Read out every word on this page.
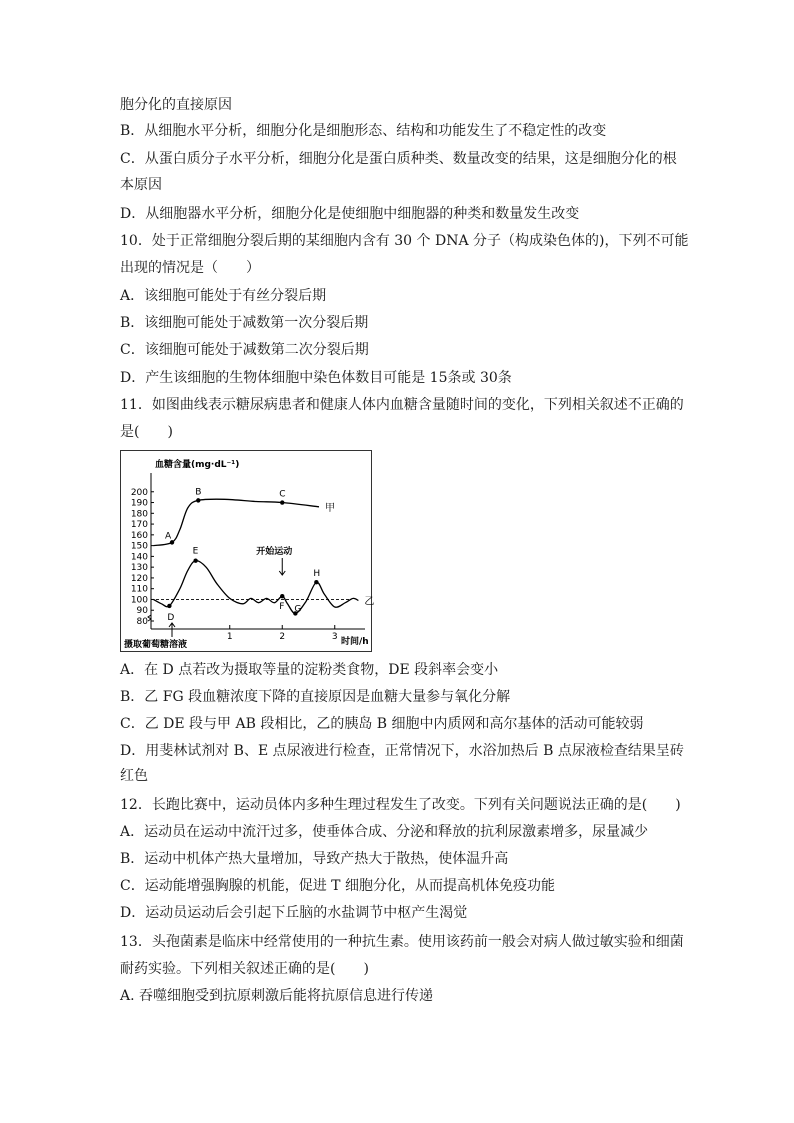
胞分化的直接原因
B．从细胞水平分析，细胞分化是细胞形态、结构和功能发生了不稳定性的改变
C．从蛋白质分子水平分析，细胞分化是蛋白质种类、数量改变的结果，这是细胞分化的根
本原因
D．从细胞器水平分析，细胞分化是使细胞中细胞器的种类和数量发生改变
10．处于正常细胞分裂后期的某细胞内含有 30 个 DNA 分子（构成染色体的)，下列不可能
出现的情况是（　　）
A．该细胞可能处于有丝分裂后期
B．该细胞可能处于减数第一次分裂后期
C．该细胞可能处于减数第二次分裂后期
D．产生该细胞的生物体细胞中染色体数目可能是 15条或 30条
11．如图曲线表示糖尿病患者和健康人体内血糖含量随时间的变化，下列相关叙述不正确的
是(　　)
A．在 D 点若改为摄取等量的淀粉类食物，DE 段斜率会变小
B．乙 FG 段血糖浓度下降的直接原因是血糖大量参与氧化分解
C．乙 DE 段与甲 AB 段相比，乙的胰岛 B 细胞中内质网和高尔基体的活动可能较弱
D．用斐林试剂对 B、E 点尿液进行检查，正常情况下，水浴加热后 B 点尿液检查结果呈砖
红色
12．长跑比赛中，运动员体内多种生理过程发生了改变。下列有关问题说法正确的是(　　)
A．运动员在运动中流汗过多，使垂体合成、分泌和释放的抗利尿激素增多，尿量减少
B．运动中机体产热大量增加，导致产热大于散热，使体温升高
C．运动能增强胸腺的机能，促进 T 细胞分化，从而提高机体免疫功能
D．运动员运动后会引起下丘脑的水盐调节中枢产生渴觉
13．头孢菌素是临床中经常使用的一种抗生素。使用该药前一般会对病人做过敏实验和细菌
耐药实验。下列相关叙述正确的是(　　)
A. 吞噬细胞受到抗原刺激后能将抗原信息进行传递
血糖含量(mg·dL⁻¹)
时间/h
200
190
180
170
160
150
140
130
120
110
100
90
80
1	2	3
甲
乙
A
B	C
D
E
F G
H
摄取葡萄糖溶液
开始运动
